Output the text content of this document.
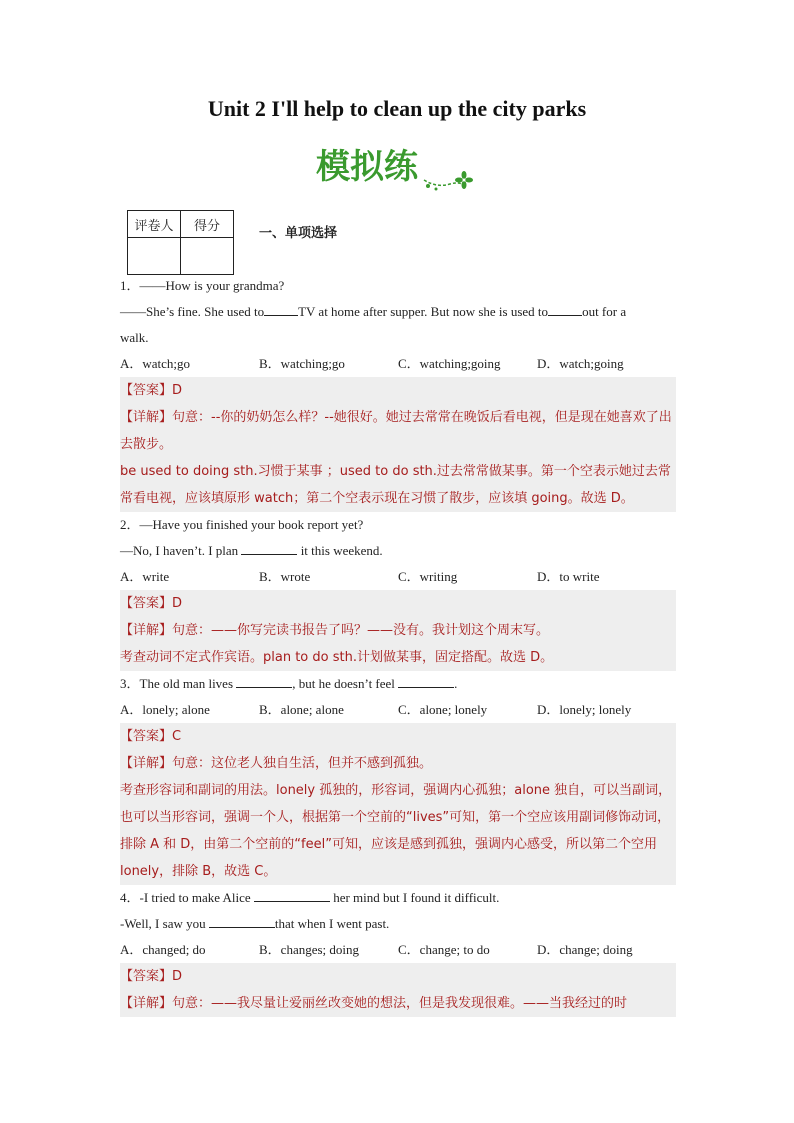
Unit 2 I'll help to clean up the city parks
模拟练
评卷人	得分
		一、单项选择
1．——How is your grandma?
——She’s fine. She used to	TV at home after supper. But now she is used to	out for a
walk.
A．watch;go	B．watching;go	C．watching;going	D．watch;going
【答案】D
【详解】句意：--你的奶奶怎么样？--她很好。她过去常常在晚饭后看电视，但是现在她喜欢了出去散步。
be used to doing sth.习惯于某事 ；used to do sth.过去常常做某事。第一个空表示她过去常常看电视，应该填原形 watch；第二个空表示现在习惯了散步，应该填 going。故选 D。
2．—Have you finished your book report yet?
—No, I haven’t. I plan	it this weekend.
A．write	B．wrote	C．writing	D．to write
【答案】D
【详解】句意：——你写完读书报告了吗？——没有。我计划这个周末写。
考查动词不定式作宾语。plan to do sth.计划做某事，固定搭配。故选 D。
3．The old man lives	, but he doesn’t feel	.
A．lonely; alone	B．alone; alone	C．alone; lonely	D．lonely; lonely
【答案】C
【详解】句意：这位老人独自生活，但并不感到孤独。
考查形容词和副词的用法。lonely 孤独的，形容词，强调内心孤独；alone 独自，可以当副词，也可以当形容词，强调一个人，根据第一个空前的“lives”可知，第一个空应该用副词修饰动词，排除 A 和 D，由第二个空前的“feel”可知，应该是感到孤独，强调内心感受，所以第二个空用 lonely，排除 B，故选 C。
4．-I tried to make Alice	her mind but I found it difficult.
-Well, I saw you	that when I went past.
A．changed; do	B．changes; doing	C．change; to do	D．change; doing
【答案】D
【详解】句意：——我尽量让爱丽丝改变她的想法，但是我发现很难。——当我经过的时
